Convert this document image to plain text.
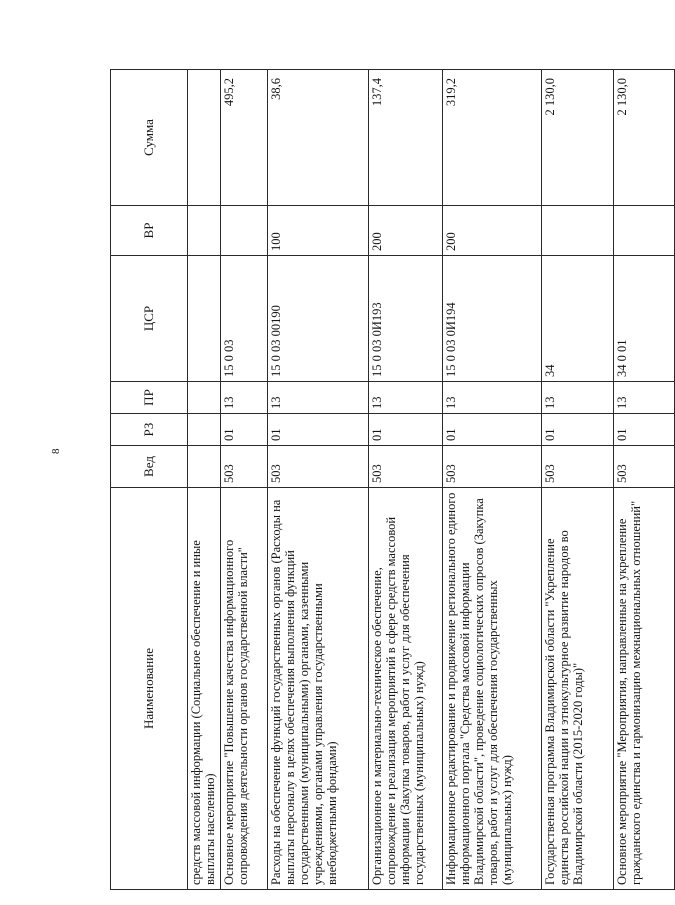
8
Наименование	Вед	РЗ	ПР	ЦСР	ВР	Сумма
средств массовой информации (Социальное обеспечение и иные выплаты населению)						
Основное мероприятие "Повышение качества информационного сопровождения деятельности органов государственной власти"	503	01	13	15 0 03		495,2
Расходы на обеспечение функций государственных органов (Расходы на выплаты персоналу в целях обеспечения выполнения функций государственными (муниципальными) органами, казенными учреждениями, органами управления государственными внебюджетными фондами)	503	01	13	15 0 03 00190	100	38,6
Организационное и материально-техническое обеспечение, сопровождение и реализация мероприятий в сфере средств массовой информации (Закупка товаров, работ и услуг для обеспечения государственных (муниципальных) нужд)	503	01	13	15 0 03 0И193	200	137,4
Информационное редактирование и продвижение регионального единого информационного портала "Средства массовой информации Владимирской области", проведение социологических опросов (Закупка товаров, работ и услуг для обеспечения государственных (муниципальных) нужд)	503	01	13	15 0 03 0И194	200	319,2
Государственная программа Владимирской области "Укрепление единства российской нации и этнокультурное развитие народов во Владимирской области (2015-2020 годы)"	503	01	13	34		2 130,0
Основное мероприятие "Мероприятия, направленные на укрепление гражданского единства и гармонизацию межнациональных отношений"	503	01	13	34 0 01		2 130,0
